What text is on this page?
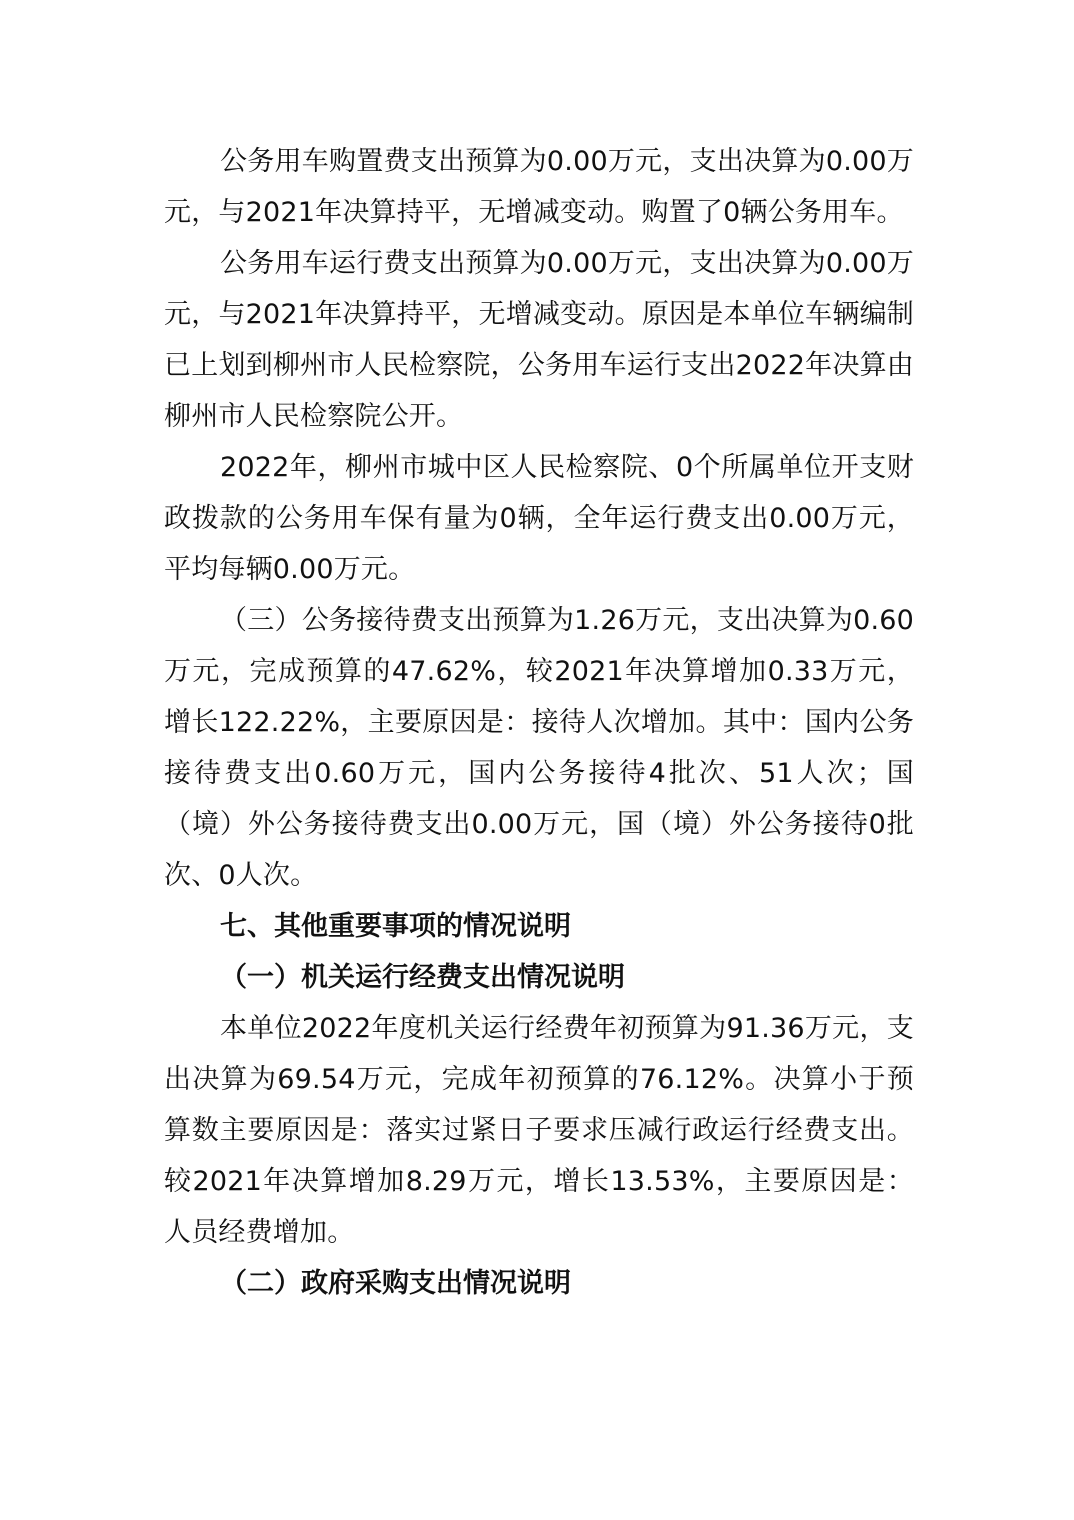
公务用车购置费支出预算为0.00万元，支出决算为0.00万元，与2021年决算持平，无增减变动。购置了0辆公务用车。

公务用车运行费支出预算为0.00万元，支出决算为0.00万元，与2021年决算持平，无增减变动。原因是本单位车辆编制已上划到柳州市人民检察院，公务用车运行支出2022年决算由柳州市人民检察院公开。

2022年，柳州市城中区人民检察院、0个所属单位开支财政拨款的公务用车保有量为0辆，全年运行费支出0.00万元，平均每辆0.00万元。

（三）公务接待费支出预算为1.26万元，支出决算为0.60万元，完成预算的47.62%，较2021年决算增加0.33万元，增长122.22%，主要原因是：接待人次增加。其中：国内公务接待费支出0.60万元，国内公务接待4批次、51人次；国（境）外公务接待费支出0.00万元，国（境）外公务接待0批次、0人次。

七、其他重要事项的情况说明

（一）机关运行经费支出情况说明

本单位2022年度机关运行经费年初预算为91.36万元，支出决算为69.54万元，完成年初预算的76.12%。决算小于预算数主要原因是：落实过紧日子要求压减行政运行经费支出。较2021年决算增加8.29万元，增长13.53%，主要原因是：人员经费增加。

（二）政府采购支出情况说明
